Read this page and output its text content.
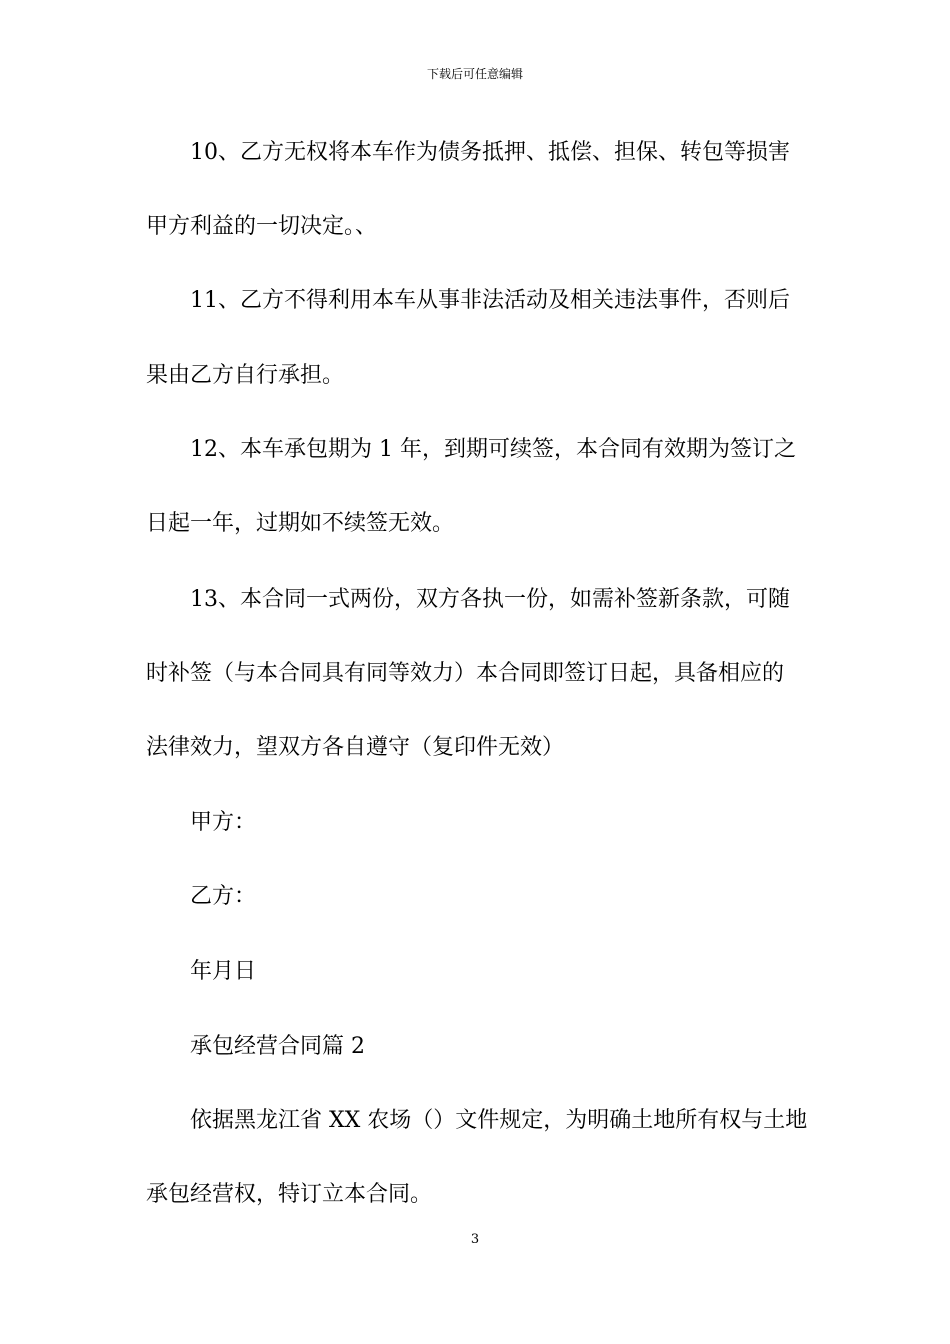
下载后可任意编辑
10、乙方无权将本车作为债务抵押、抵偿、担保、转包等损害
甲方利益的一切决定。、
11、乙方不得利用本车从事非法活动及相关违法事件，否则后
果由乙方自行承担。
12、本车承包期为 1 年，到期可续签，本合同有效期为签订之
日起一年，过期如不续签无效。
13、本合同一式两份，双方各执一份，如需补签新条款，可随
时补签（与本合同具有同等效力）本合同即签订日起，具备相应的
法律效力，望双方各自遵守（复印件无效）
甲方：
乙方：
年月日
承包经营合同篇 2
依据黑龙江省 XX 农场（）文件规定，为明确土地所有权与土地
承包经营权，特订立本合同。
3
